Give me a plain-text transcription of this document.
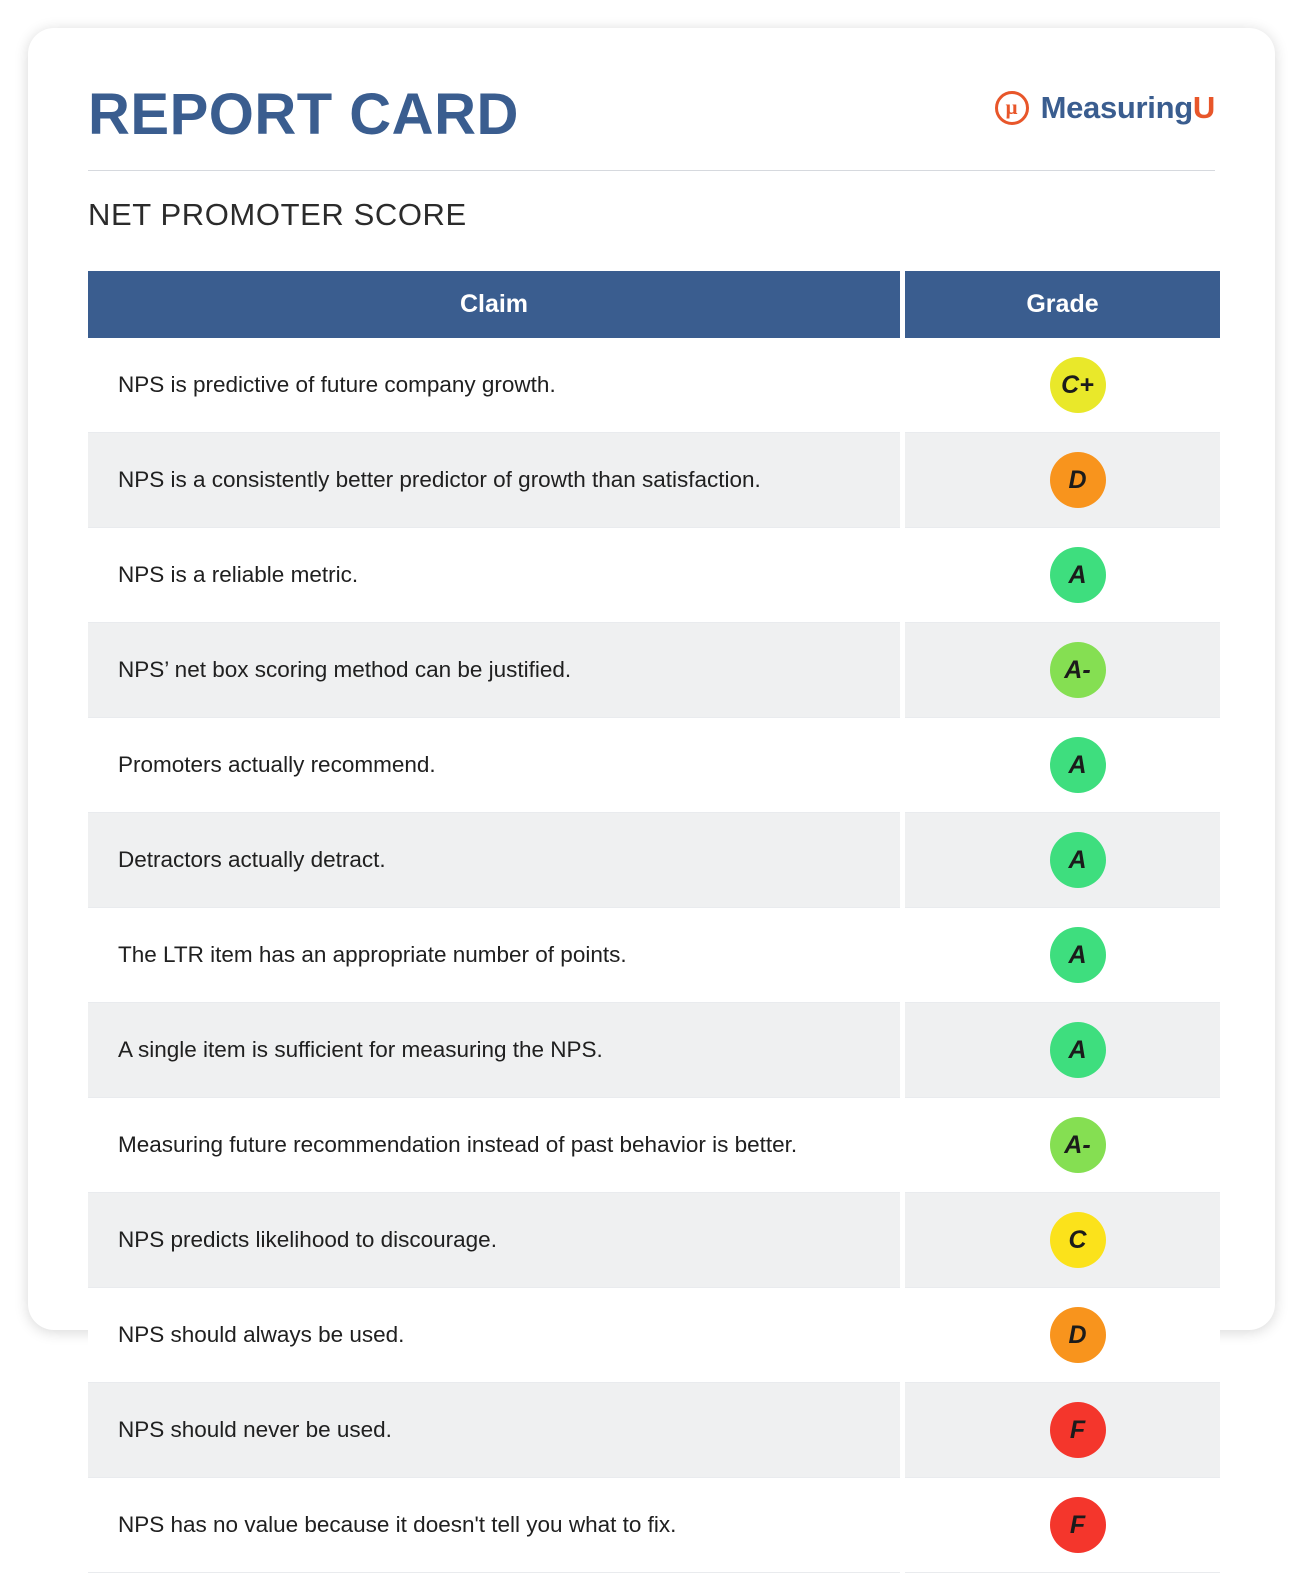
REPORT CARD	µ MeasuringU
NET PROMOTER SCORE
Claim	Grade
NPS is predictive of future company growth.	C+
NPS is a consistently better predictor of growth than satisfaction.	D
NPS is a reliable metric.	A
NPS’ net box scoring method can be justified.	A-
Promoters actually recommend.	A
Detractors actually detract.	A
The LTR item has an appropriate number of points.	A
A single item is sufficient for measuring the NPS.	A
Measuring future recommendation instead of past behavior is better.	A-
NPS predicts likelihood to discourage.	C
NPS should always be used.	D
NPS should never be used.	F
NPS has no value because it doesn't tell you what to fix.	F
